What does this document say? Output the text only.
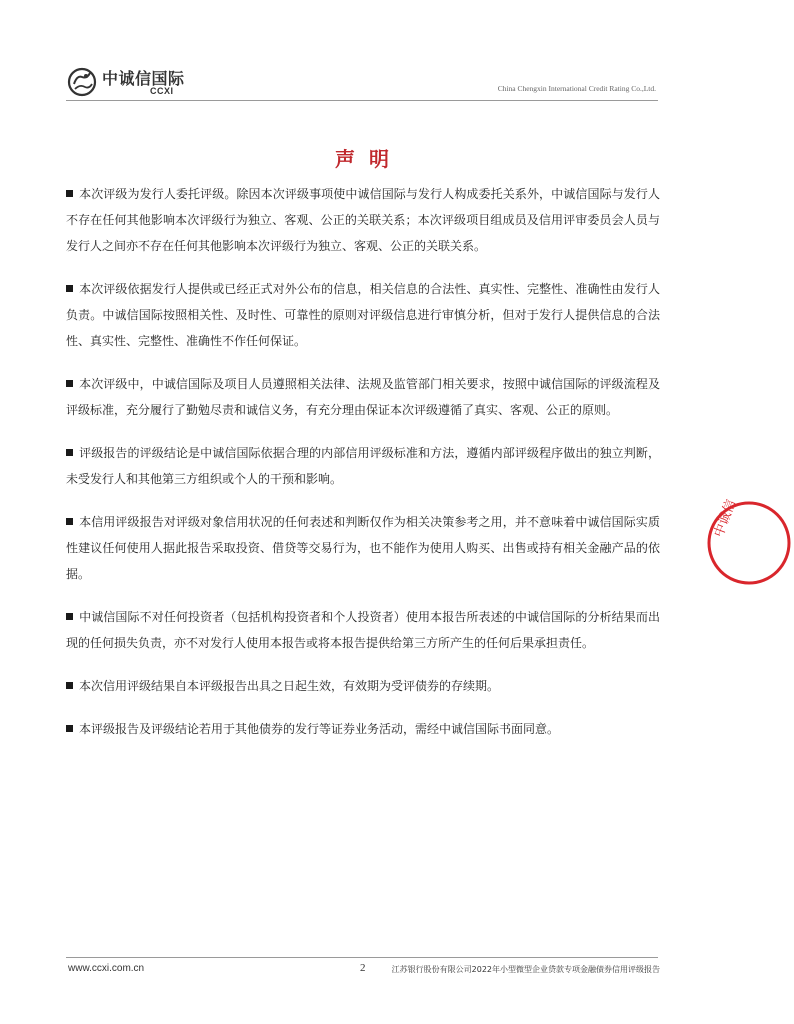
中诚信国际
CCXI	China Chengxin International Credit Rating Co.,Ltd.
声明

本次评级为发行人委托评级。除因本次评级事项使中诚信国际与发行人构成委托关系外，中诚信国际与发行人不存在任何其他影响本次评级行为独立、客观、公正的关联关系；本次评级项目组成员及信用评审委员会人员与发行人之间亦不存在任何其他影响本次评级行为独立、客观、公正的关联关系。

本次评级依据发行人提供或已经正式对外公布的信息，相关信息的合法性、真实性、完整性、准确性由发行人负责。中诚信国际按照相关性、及时性、可靠性的原则对评级信息进行审慎分析，但对于发行人提供信息的合法性、真实性、完整性、准确性不作任何保证。

本次评级中，中诚信国际及项目人员遵照相关法律、法规及监管部门相关要求，按照中诚信国际的评级流程及评级标准，充分履行了勤勉尽责和诚信义务，有充分理由保证本次评级遵循了真实、客观、公正的原则。

评级报告的评级结论是中诚信国际依据合理的内部信用评级标准和方法，遵循内部评级程序做出的独立判断，未受发行人和其他第三方组织或个人的干预和影响。

本信用评级报告对评级对象信用状况的任何表述和判断仅作为相关决策参考之用，并不意味着中诚信国际实质性建议任何使用人据此报告采取投资、借贷等交易行为，也不能作为使用人购买、出售或持有相关金融产品的依据。

中诚信国际不对任何投资者（包括机构投资者和个人投资者）使用本报告所表述的中诚信国际的分析结果而出现的任何损失负责，亦不对发行人使用本报告或将本报告提供给第三方所产生的任何后果承担责任。

本次信用评级结果自本评级报告出具之日起生效，有效期为受评债券的存续期。

本评级报告及评级结论若用于其他债券的发行等证券业务活动，需经中诚信国际书面同意。

中诚信
www.ccxi.com.cn	2	江苏银行股份有限公司2022年小型微型企业贷款专项金融债券信用评级报告
